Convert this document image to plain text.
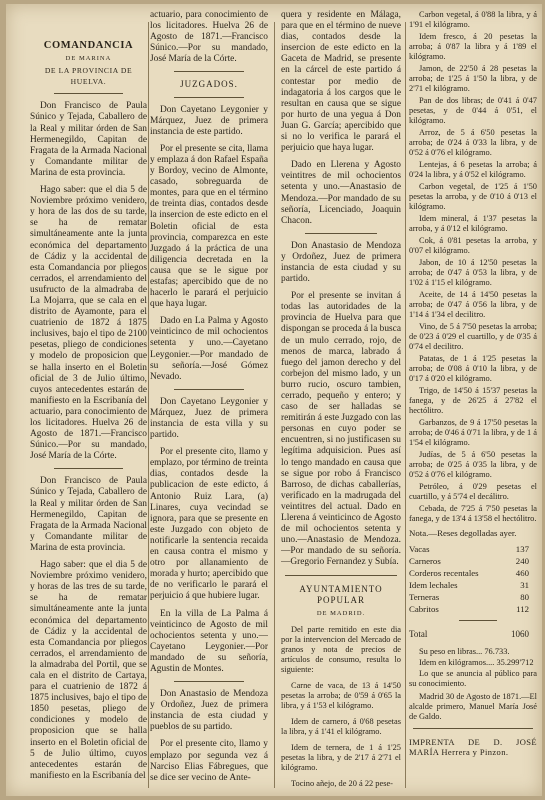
COMANDANCIA
DE MARINA
DE LA PROVINCIA DE HUELVA.

Don Francisco de Paula Súnico y Tejada, Caballero de la Real y militar órden de San Hermenegildo, Capitan de Fragata de la Armada Nacional y Comandante militar de Marina de esta provincia.

Hago saber: que el dia 5 de Noviembre próximo venidero, y hora de las dos de su tarde, se ha de rematar simultáneamente ante la junta económica del departamento de Cádiz y la accidental de esta Comandancia por pliegos cerrados, el arrendamiento del usufructo de la almadraba de La Mojarra, que se cala en el distrito de Ayamonte, para el cuatrienio de 1872 á 1875 inclusives, bajo el tipo de 2100 pesetas, pliego de condiciones y modelo de proposicion que se halla inserto en el Boletin oficial de 3 de Julio último, cuyos antecedentes estarán de manifiesto en la Escribanía del actuario, para conocimiento de los licitadores. Huelva 26 de Agosto de 1871.—Francisco Súnico.—Por su mandado, José María de la Córte.

Don Francisco de Paula Súnico y Tejada, Caballero de la Real y militar órden de San Hermenegildo, Capitan de Fragata de la Armada Nacional y Comandante militar de Marina de esta provincia.

Hago saber: que el dia 5 de Noviembre próximo venidero, y horas de las tres de su tarde, se ha de rematar simultáneamente ante la junta económica del departamento de Cádiz y la accidental de esta Comandancia por pliegos cerrados, el arrendamiento de la almadraba del Portil, que se cala en el distrito de Cartaya, para el cuatrienio de 1872 á 1875 inclusives, bajo el tipo de 1850 pesetas, pliego de condiciones y modelo de proposicion que se halla inserto en el Boletin oficial de 5 de Julio último, cuyos antecedentes estarán de manifiesto en la Escribanía del

actuario, para conocimiento de los licitadores. Huelva 26 de Agosto de 1871.—Francisco Súnico.—Por su mandado, José María de la Córte.

JUZGADOS.

Don Cayetano Leygonier y Márquez, Juez de primera instancia de este partido.

Por el presente se cita, llama y emplaza á don Rafael España y Bordoy, vecino de Almonte, casado, sobreguarda de montes, para que en el término de treinta dias, contados desde la insercion de este edicto en el Boletin oficial de esta provincia, comparezca en este Juzgado á la práctica de una diligencia decretada en la causa que se le sigue por estafas; apercibido que de no hacerlo le parará el perjuicio que haya lugar.

Dado en La Palma y Agosto veinticinco de mil ochocientos setenta y uno.—Cayetano Leygonier.—Por mandado de su señoría.—José Gómez Nevado.

Don Cayetano Leygonier y Márquez, Juez de primera instancia de esta villa y su partido.

Por el presente cito, llamo y emplazo, por término de treinta dias, contados desde la publicacion de este edicto, á Antonio Ruiz Lara, (a) Linares, cuya vecindad se ignora, para que se presente en este Juzgado con objeto de notificarle la sentencia recaida en causa contra el mismo y otro por allanamiento de morada y hurto; apercibido que de no verificarlo le parará el perjuicio á que hubiere lugar.

En la villa de La Palma á veinticinco de Agosto de mil ochocientos setenta y uno.—Cayetano Leygonier.—Por mandado de su señoría, Agustin de Montes.

Don Anastasio de Mendoza y Ordoñez, Juez de primera instancia de esta ciudad y pueblos de su partido.

Por el presente cito, llamo y emplazo por segunda vez á Narciso Elias Fábregues, que se dice ser vecino de Ante-

quera y residente en Málaga, para que en el término de nueve dias, contados desde la insercion de este edicto en la Gaceta de Madrid, se presente en la cárcel de este partido á contestar por medio de indagatoria á los cargos que le resultan en causa que se sigue por hurto de una yegua á Don Juan G. García; apercibido que si no lo verifica le parará el perjuicio que haya lugar.

Dado en Llerena y Agosto veintitres de mil ochocientos setenta y uno.—Anastasio de Mendoza.—Por mandado de su señoría, Licenciado, Joaquin Chacon.

Don Anastasio de Mendoza y Ordoñez, Juez de primera instancia de esta ciudad y su partido.

Por el presente se invitan á todas las autoridades de la provincia de Huelva para que dispongan se proceda á la busca de un mulo cerrado, rojo, de menos de marca, labrado á fuego del jamon derecho y del corbejon del mismo lado, y un burro rucio, oscuro tambien, cerrado, pequeño y entero; y caso de ser halladas se remitirán á este Juzgado con las personas en cuyo poder se encuentren, si no justificasen su legítima adquisicion. Pues así lo tengo mandado en causa que se sigue por robo á Francisco Barroso, de dichas caballerías, verificado en la madrugada del veintitres del actual. Dado en Llerena á veinticinco de Agosto de mil ochocientos setenta y uno.—Anastasio de Mendoza.—Por mandado de su señoría.—Gregorio Fernandez y Subía.

AYUNTAMIENTO POPULAR
DE MADRID.

Del parte remitido en este dia por la intervencion del Mercado de granos y nota de precios de artículos de consumo, resulta lo siguiente:

Carne de vaca, de 13 á 14'50 pesetas la arroba; de 0'59 á 0'65 la libra, y á 1'53 el kilógramo.

Idem de carnero, á 0'68 pesetas la libra, y á 1'41 el kilógramo.

Idem de ternera, de 1 á 1'25 pesetas la libra, y de 2'17 á 2'71 el kilógramo.

Tocino añejo, de 20 á 22 pese-

Carbon vegetal, á 0'88 la libra, y á 1'91 el kilógramo.

Idem fresco, á 20 pesetas la arroba; á 0'87 la libra y á 1'89 el kilógramo.

Jamon, de 22'50 á 28 pesetas la arroba; de 1'25 á 1'50 la libra, y de 2'71 el kilógramo.

Pan de dos libras; de 0'41 á 0'47 pesetas, y de 0'44 á 0'51, el kilógramo.

Arroz, de 5 á 6'50 pesetas la arroba; de 0'24 á 0'33 la libra, y de 0'52 á 0'76 el kilógramo.

Lentejas, á 6 pesetas la arroba; á 0'24 la libra, y á 0'52 el kilógramo.

Carbon vegetal, de 1'25 á 1'50 pesetas la arroba, y de 0'10 á 0'13 el kilógramo.

Idem mineral, á 1'37 pesetas la arroba, y á 0'12 el kilógramo.

Cok, á 0'81 pesetas la arroba, y 0'07 el kilógramo.

Jabon, de 10 á 12'50 pesetas la arroba; de 0'47 á 0'53 la libra, y de 1'02 á 1'15 el kilógramo.

Aceite, de 14 á 14'50 pesetas la arroba; de 0'47 á 0'56 la libra, y de 1'14 á 1'34 el decilitro.

Vino, de 5 á 7'50 pesetas la arroba; de 0'23 á 0'29 el cuartillo, y de 0'35 á 0'74 el decilitro.

Patatas, de 1 á 1'25 pesetas la arroba; de 0'08 á 0'10 la libra, y de 0'17 á 0'20 el kilógramo.

Trigo, de 14'50 á 15'37 pesetas la fanega, y de 26'25 á 27'82 el hectólitro.

Garbanzos, de 9 á 17'50 pesetas la arroba; de 0'46 á 0'71 la libra, y de 1 á 1'54 el kilógramo.

Judías, de 5 á 6'50 pesetas la arroba; de 0'25 á 0'35 la libra, y de 0'52 á 0'76 el kilógramo.

Petróleo, á 0'29 pesetas el cuartillo, y á 5'74 el decálitro.

Cebada, de 7'25 á 7'50 pesetas la fanega, y de 13'4 á 13'58 el hectólitro.

Nota.—Reses degolladas ayer.
Vacas	137
Carneros	240
Corderos recentales	460
Idem lechales	31
Terneras	80
Cabritos	112
Total	1060

Su peso en libras... 76.733.

Idem en kilógramos.... 35.299'712

Lo que se anuncia al público para su conocimiento.

Madrid 30 de Agosto de 1871.—El alcalde primero, Manuel María José de Galdo.

IMPRENTA DE D. JOSÉ MARÍA Herrera y Pinzon.
